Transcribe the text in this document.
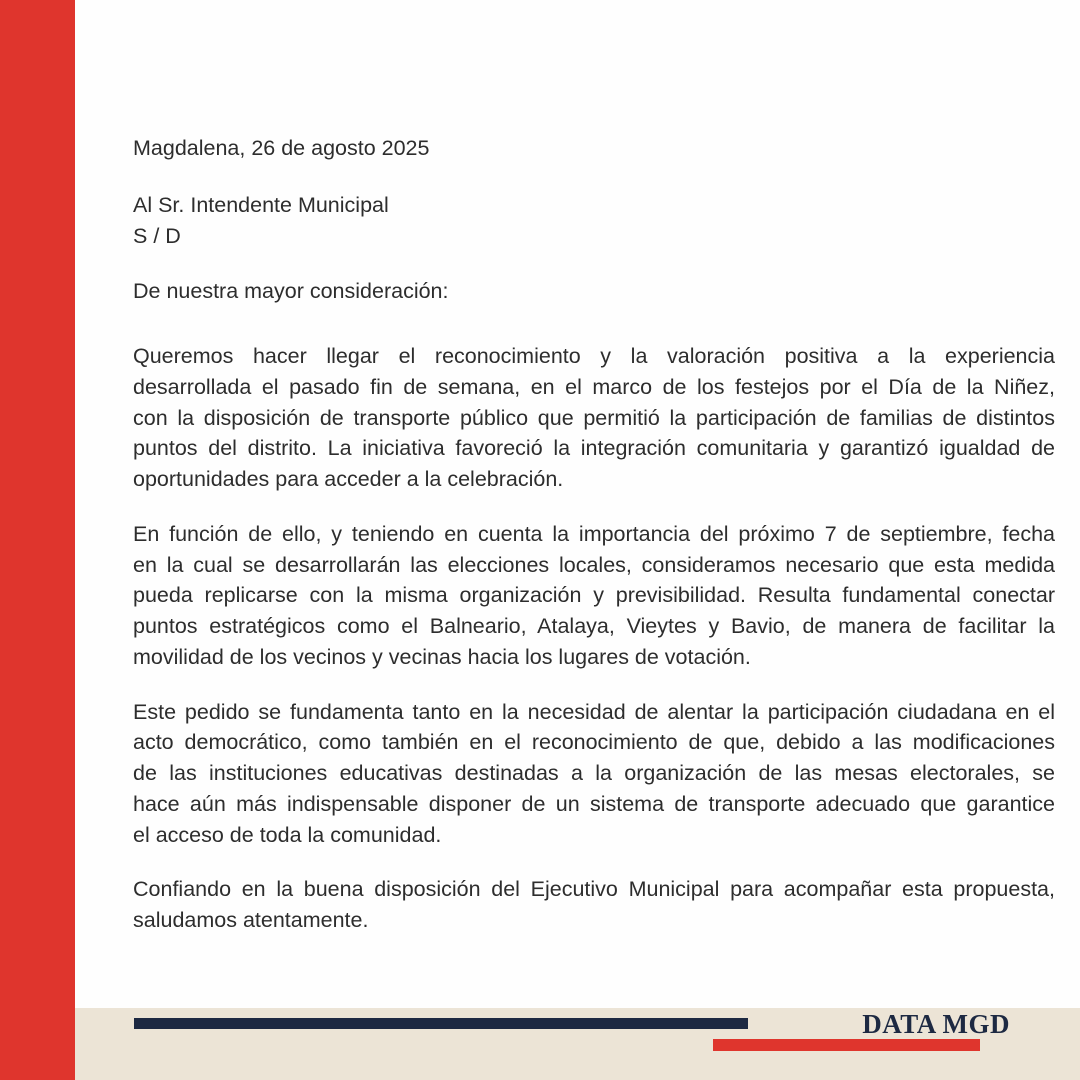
Magdalena, 26 de agosto 2025
Al Sr. Intendente Municipal
S / D
De nuestra mayor consideración:
Queremos hacer llegar el reconocimiento y la valoración positiva a la experiencia
desarrollada el pasado fin de semana, en el marco de los festejos por el Día de la Niñez,
con la disposición de transporte público que permitió la participación de familias de distintos
puntos del distrito. La iniciativa favoreció la integración comunitaria y garantizó igualdad de
oportunidades para acceder a la celebración.
En función de ello, y teniendo en cuenta la importancia del próximo 7 de septiembre, fecha
en la cual se desarrollarán las elecciones locales, consideramos necesario que esta medida
pueda replicarse con la misma organización y previsibilidad. Resulta fundamental conectar
puntos estratégicos como el Balneario, Atalaya, Vieytes y Bavio, de manera de facilitar la
movilidad de los vecinos y vecinas hacia los lugares de votación.
Este pedido se fundamenta tanto en la necesidad de alentar la participación ciudadana en el
acto democrático, como también en el reconocimiento de que, debido a las modificaciones
de las instituciones educativas destinadas a la organización de las mesas electorales, se
hace aún más indispensable disponer de un sistema de transporte adecuado que garantice
el acceso de toda la comunidad.
Confiando en la buena disposición del Ejecutivo Municipal para acompañar esta propuesta,
saludamos atentamente.
DATA MGD
